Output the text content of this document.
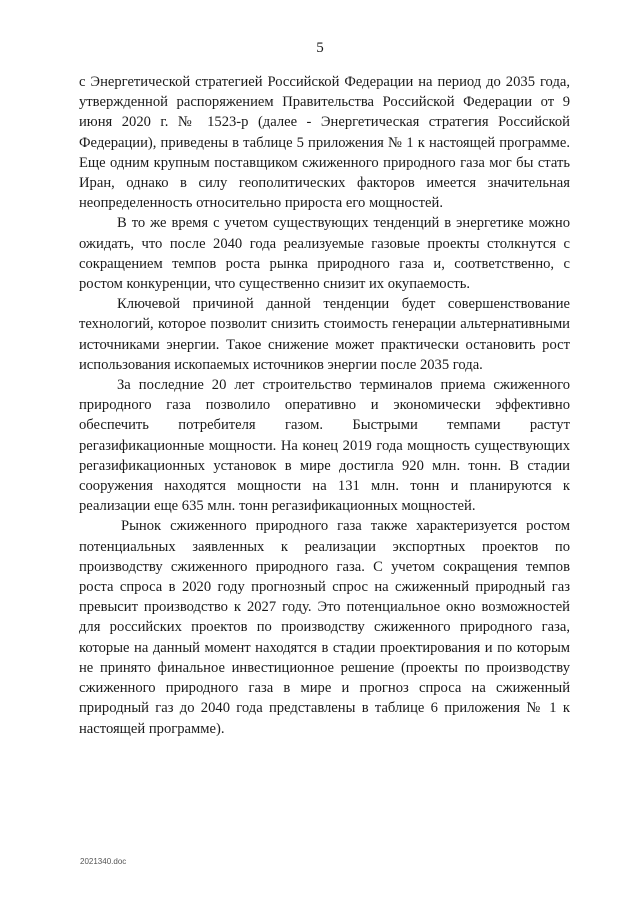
5

с Энергетической стратегией Российской Федерации на период до 2035 года, утвержденной распоряжением Правительства Российской Федерации от 9 июня 2020 г. № 1523-р (далее - Энергетическая стратегия Российской Федерации), приведены в таблице 5 приложения № 1 к настоящей программе. Еще одним крупным поставщиком сжиженного природного газа мог бы стать Иран, однако в силу геополитических факторов имеется значительная неопределенность относительно прироста его мощностей.

В то же время с учетом существующих тенденций в энергетике можно ожидать, что после 2040 года реализуемые газовые проекты столкнутся с сокращением темпов роста рынка природного газа и, соответственно, с ростом конкуренции, что существенно снизит их окупаемость.

Ключевой причиной данной тенденции будет совершенствование технологий, которое позволит снизить стоимость генерации альтернативными источниками энергии. Такое снижение может практически остановить рост использования ископаемых источников энергии после 2035 года.

За последние 20 лет строительство терминалов приема сжиженного природного газа позволило оперативно и экономически эффективно обеспечить потребителя газом. Быстрыми темпами растут регазификационные мощности. На конец 2019 года мощность существующих регазификационных установок в мире достигла 920 млн. тонн. В стадии сооружения находятся мощности на 131 млн. тонн и планируются к реализации еще 635 млн. тонн регазификационных мощностей.

Рынок сжиженного природного газа также характеризуется ростом потенциальных заявленных к реализации экспортных проектов по производству сжиженного природного газа. С учетом сокращения темпов роста спроса в 2020 году прогнозный спрос на сжиженный природный газ превысит производство к 2027 году. Это потенциальное окно возможностей для российских проектов по производству сжиженного природного газа, которые на данный момент находятся в стадии проектирования и по которым не принято финальное инвестиционное решение (проекты по производству сжиженного природного газа в мире и прогноз спроса на сжиженный природный газ до 2040 года представлены в таблице 6 приложения № 1 к настоящей программе).

2021340.doc
